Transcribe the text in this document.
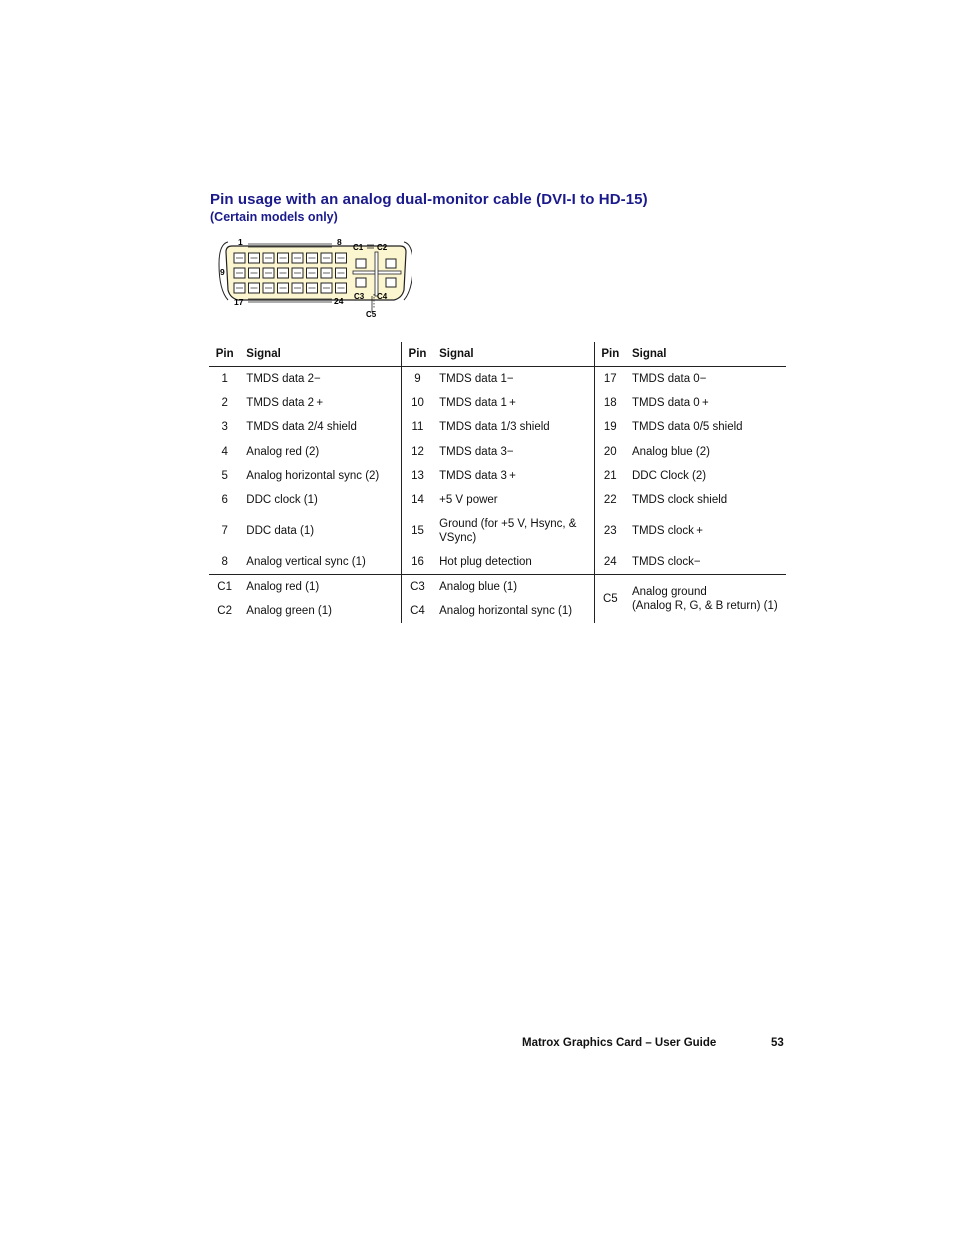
Pin usage with an analog dual-monitor cable (DVI-I to HD-15)
(Certain models only)
1	8
9
17	24
C1 C2
C3 C4
C5
Pin	Signal	Pin	Signal	Pin	Signal
1	TMDS data 2−	9	TMDS data 1−	17	TMDS data 0−
2	TMDS data 2 +	10	TMDS data 1 +	18	TMDS data 0 +
3	TMDS data 2/4 shield	11	TMDS data 1/3 shield	19	TMDS data 0/5 shield
4	Analog red (2)	12	TMDS data 3−	20	Analog blue (2)
5	Analog horizontal sync (2)	13	TMDS data 3 +	21	DDC Clock (2)
6	DDC clock (1)	14	+5 V power	22	TMDS clock shield
7	DDC data (1)	15	Ground (for +5 V, Hsync, & VSync)	23	TMDS clock +
8	Analog vertical sync (1)	16	Hot plug detection	24	TMDS clock−
C1	Analog red (1)	C3	Analog blue (1)	C5	Analog ground
(Analog R, G, & B return) (1)

C2	Analog green (1)	C4	Analog horizontal sync (1)		
Matrox Graphics Card – User Guide	53
